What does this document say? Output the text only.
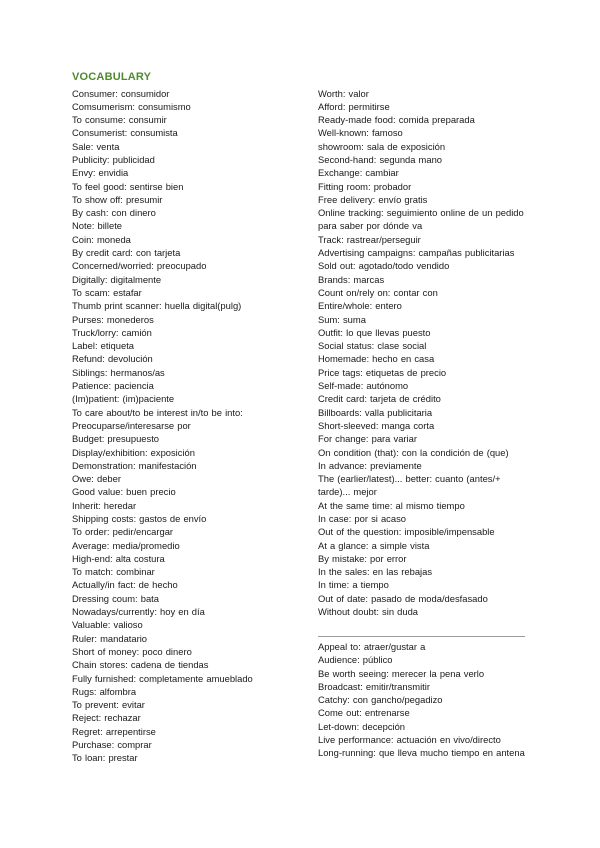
VOCABULARY
Consumer: consumidor
Comsumerism: consumismo
To consume: consumir
Consumerist: consumista
Sale: venta
Publicity: publicidad
Envy: envidia
To feel good: sentirse bien
To show off: presumir
By cash: con dinero
Note: billete
Coin: moneda
By credit card: con tarjeta
Concerned/worried: preocupado
Digitally: digitalmente
To scam: estafar
Thumb print scanner: huella digital(pulg)
Purses: monederos
Truck/lorry: camión
Label: etiqueta
Refund: devolución
Siblings: hermanos/as
Patience: paciencia
(Im)patient: (im)paciente
To care about/to be interest in/to be into:
Preocuparse/interesarse por
Budget: presupuesto
Display/exhibition: exposición
Demonstration: manifestación
Owe: deber
Good value: buen precio
Inherit: heredar
Shipping costs: gastos de envío
To order: pedir/encargar
Average: media/promedio
High-end: alta costura
To match: combinar
Actually/in fact: de hecho
Dressing coum: bata
Nowadays/currently: hoy en día
Valuable: valioso
Ruler: mandatario
Short of money: poco dinero
Chain stores: cadena de tiendas
Fully furnished: completamente amueblado
Rugs: alfombra
To prevent: evitar
Reject: rechazar
Regret: arrepentirse
Purchase: comprar
To loan: prestar
Worth: valor
Afford: permitirse
Ready-made food: comida preparada
Well-known: famoso
showroom: sala de exposición
Second-hand: segunda mano
Exchange: cambiar
Fitting room: probador
Free delivery: envío gratis
Online tracking: seguimiento online de un pedido para saber por dónde va
Track: rastrear/perseguir
Advertising campaigns: campañas publicitarias
Sold out: agotado/todo vendido
Brands: marcas
Count on/rely on: contar con
Entire/whole: entero
Sum: suma
Outfit: lo que llevas puesto
Social status: clase social
Homemade: hecho en casa
Price tags: etiquetas de precio
Self-made: autónomo
Credit card: tarjeta de crédito
Billboards: valla publicitaria
Short-sleeved: manga corta
For change: para variar
On condition (that): con la condición de (que)
In advance: previamente
The (earlier/latest)... better: cuanto (antes/+ tarde)... mejor
At the same time: al mismo tiempo
In case: por si acaso
Out of the question: imposible/impensable
At a glance: a simple vista
By mistake: por error
In the sales: en las rebajas
In time: a tiempo
Out of date: pasado de moda/desfasado
Without doubt: sin duda
Appeal to: atraer/gustar a
Audience: público
Be worth seeing: merecer la pena verlo
Broadcast: emitir/transmitir
Catchy: con gancho/pegadizo
Come out: entrenarse
Let-down: decepción
Live performance: actuación en vivo/directo
Long-running: que lleva mucho tiempo en antena
